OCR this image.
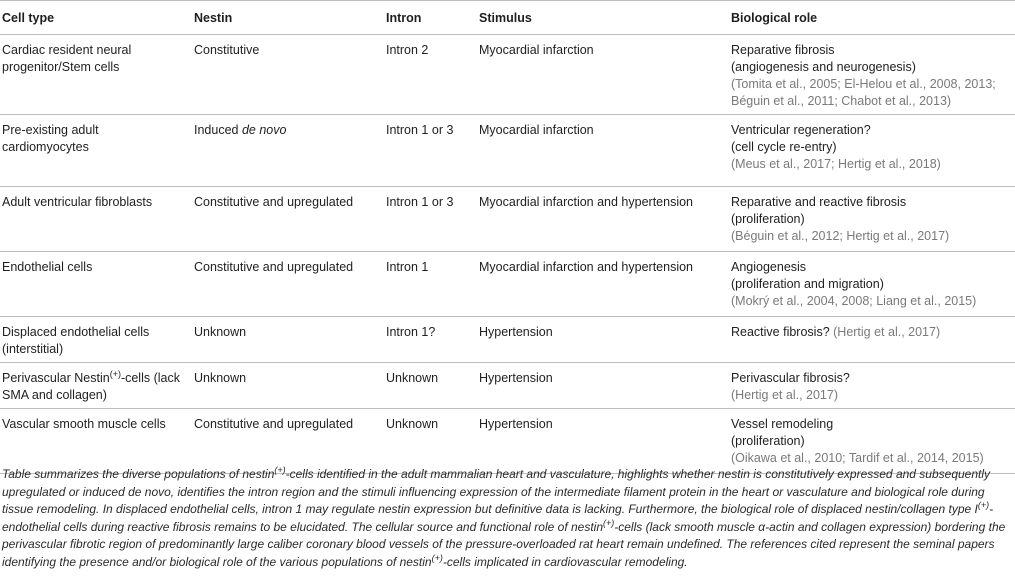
Cell type	Nestin	Intron	Stimulus	Biological role
Cardiac resident neural progenitor/Stem cells	Constitutive	Intron 2	Myocardial infarction	Reparative fibrosis
(angiogenesis and neurogenesis)
(Tomita et al., 2005; El-Helou et al., 2008, 2013; Béguin et al., 2011; Chabot et al., 2013)

Pre-existing adult cardiomyocytes	Induced de novo	Intron 1 or 3	Myocardial infarction	Ventricular regeneration?
(cell cycle re-entry)
(Meus et al., 2017; Hertig et al., 2018)

Adult ventricular fibroblasts	Constitutive and upregulated	Intron 1 or 3	Myocardial infarction and hypertension	Reparative and reactive fibrosis
(proliferation)
(Béguin et al., 2012; Hertig et al., 2017)

Endothelial cells	Constitutive and upregulated	Intron 1	Myocardial infarction and hypertension	Angiogenesis
(proliferation and migration)
(Mokrý et al., 2004, 2008; Liang et al., 2015)

Displaced endothelial cells (interstitial)	Unknown	Intron 1?	Hypertension	Reactive fibrosis? (Hertig et al., 2017)
Perivascular Nestin(+)-cells (lack SMA and collagen)	Unknown	Unknown	Hypertension	Perivascular fibrosis?
(Hertig et al., 2017)

Vascular smooth muscle cells	Constitutive and upregulated	Unknown	Hypertension	Vessel remodeling
(proliferation)
(Oikawa et al., 2010; Tardif et al., 2014, 2015)
Table summarizes the diverse populations of nestin(+)-cells identified in the adult mammalian heart and vasculature, highlights whether nestin is constitutively expressed and subsequently upregulated or induced de novo, identifies the intron region and the stimuli influencing expression of the intermediate filament protein in the heart or vasculature and biological role during tissue remodeling. In displaced endothelial cells, intron 1 may regulate nestin expression but definitive data is lacking. Furthermore, the biological role of displaced nestin/collagen type I(+)-endothelial cells during reactive fibrosis remains to be elucidated. The cellular source and functional role of nestin(+)-cells (lack smooth muscle α-actin and collagen expression) bordering the perivascular fibrotic region of predominantly large caliber coronary blood vessels of the pressure-overloaded rat heart remain undefined. The references cited represent the seminal papers identifying the presence and/or biological role of the various populations of nestin(+)-cells implicated in cardiovascular remodeling.
